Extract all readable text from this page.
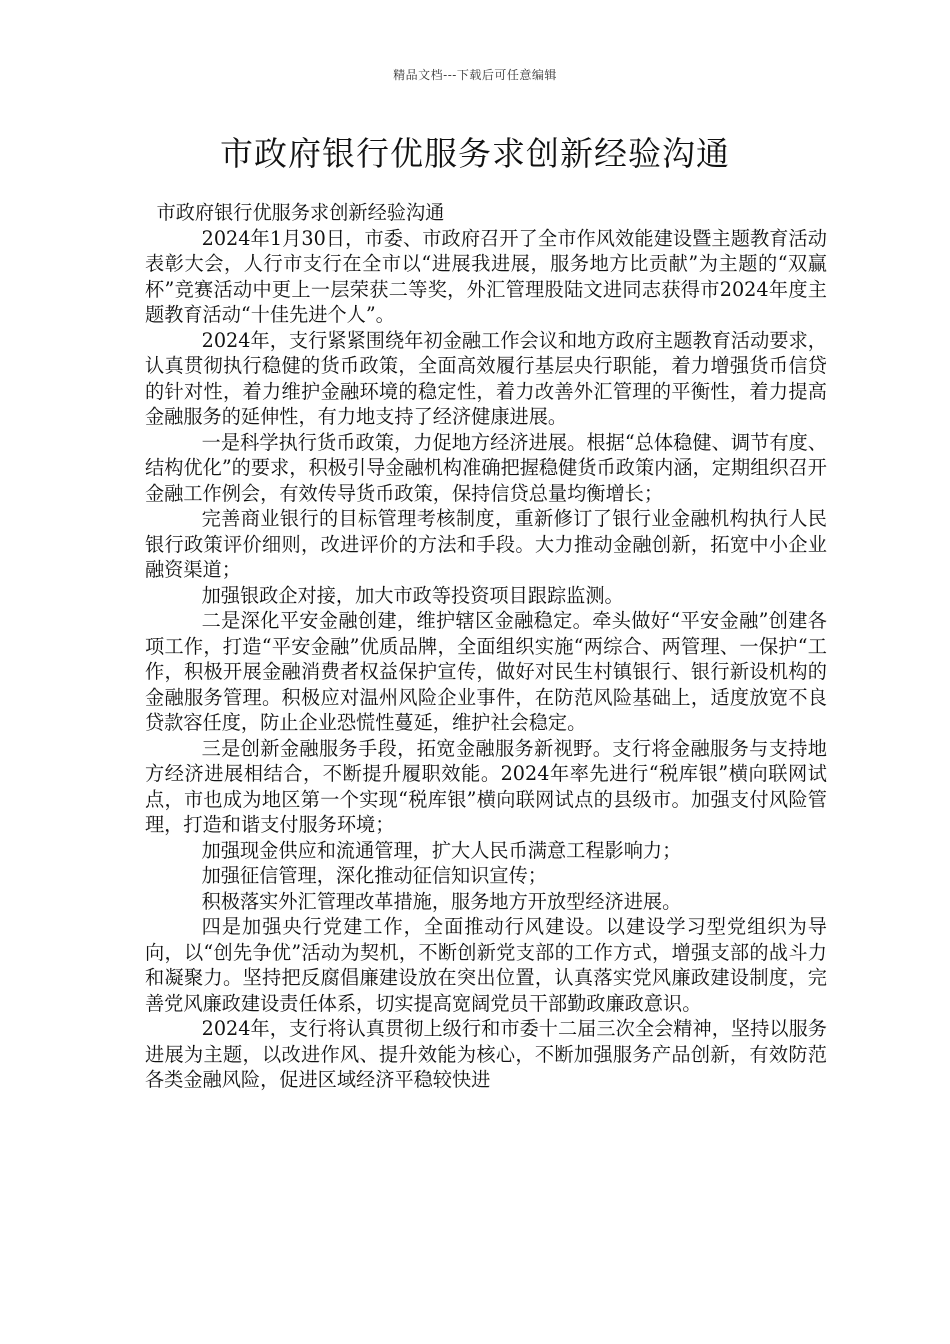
精品文档---下载后可任意编辑
市政府银行优服务求创新经验沟通

市政府银行优服务求创新经验沟通

2024年1月30日，市委、市政府召开了全市作风效能建设暨主题教育活动表彰大会，人行市支行在全市以“进展我进展，服务地方比贡献”为主题的“双赢杯”竞赛活动中更上一层荣获二等奖，外汇管理股陆文进同志获得市2024年度主题教育活动“十佳先进个人”。

2024年，支行紧紧围绕年初金融工作会议和地方政府主题教育活动要求，认真贯彻执行稳健的货币政策，全面高效履行基层央行职能，着力增强货币信贷的针对性，着力维护金融环境的稳定性，着力改善外汇管理的平衡性，着力提高金融服务的延伸性，有力地支持了经济健康进展。

一是科学执行货币政策，力促地方经济进展。根据“总体稳健、调节有度、结构优化”的要求，积极引导金融机构准确把握稳健货币政策内涵，定期组织召开金融工作例会，有效传导货币政策，保持信贷总量均衡增长；

完善商业银行的目标管理考核制度，重新修订了银行业金融机构执行人民银行政策评价细则，改进评价的方法和手段。大力推动金融创新，拓宽中小企业融资渠道；

加强银政企对接，加大市政等投资项目跟踪监测。

二是深化平安金融创建，维护辖区金融稳定。牵头做好“平安金融”创建各项工作，打造“平安金融”优质品牌，全面组织实施“两综合、两管理、一保护“工作，积极开展金融消费者权益保护宣传，做好对民生村镇银行、银行新设机构的金融服务管理。积极应对温州风险企业事件，在防范风险基础上，适度放宽不良贷款容任度，防止企业恐慌性蔓延，维护社会稳定。

三是创新金融服务手段，拓宽金融服务新视野。支行将金融服务与支持地方经济进展相结合，不断提升履职效能。2024年率先进行“税库银”横向联网试点，市也成为地区第一个实现“税库银”横向联网试点的县级市。加强支付风险管理，打造和谐支付服务环境；

加强现金供应和流通管理，扩大人民币满意工程影响力；

加强征信管理，深化推动征信知识宣传；

积极落实外汇管理改革措施，服务地方开放型经济进展。

四是加强央行党建工作，全面推动行风建设。以建设学习型党组织为导向，以“创先争优”活动为契机，不断创新党支部的工作方式，增强支部的战斗力和凝聚力。坚持把反腐倡廉建设放在突出位置，认真落实党风廉政建设制度，完善党风廉政建设责任体系，切实提高宽阔党员干部勤政廉政意识。

2024年，支行将认真贯彻上级行和市委十二届三次全会精神，坚持以服务进展为主题，以改进作风、提升效能为核心，不断加强服务产品创新，有效防范各类金融风险，促进区域经济平稳较快进
